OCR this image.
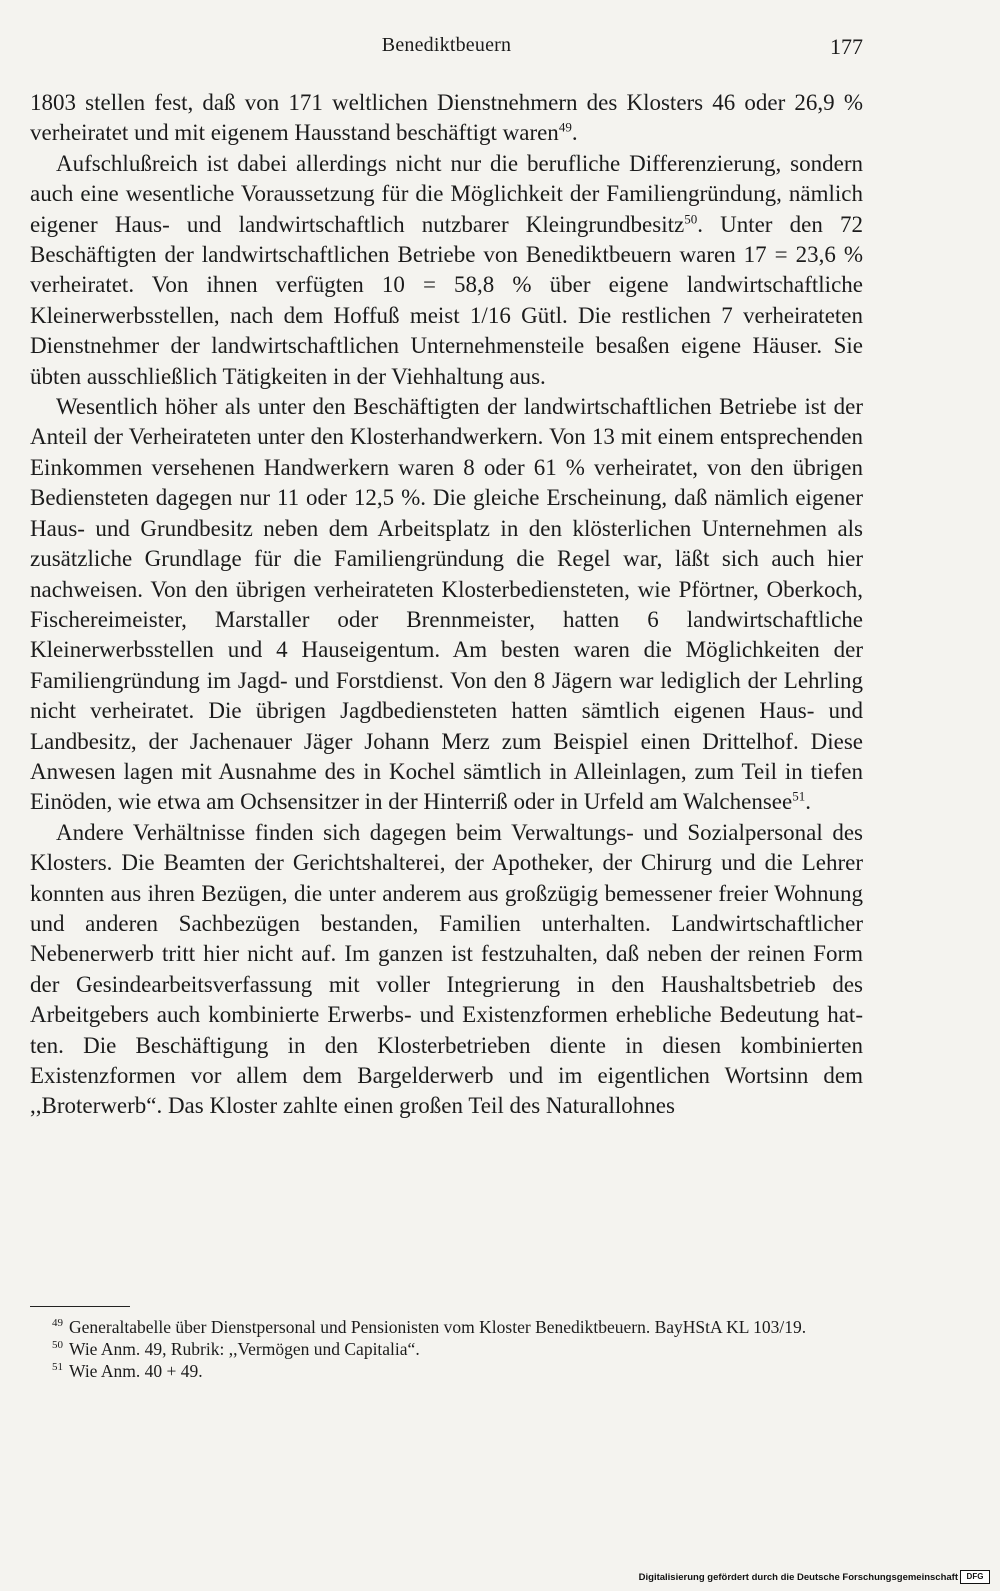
Benediktbeuern	177

1803 stellen fest, daß von 171 weltlichen Dienstnehmern des Klosters 46 oder 26,9 % verheiratet und mit eigenem Hausstand beschäftigt waren$^{49}$.

Aufschlußreich ist dabei allerdings nicht nur die berufliche Differenzierung, sondern auch eine wesentliche Voraussetzung für die Möglichkeit der Familiengründung, nämlich eigener Haus- und landwirtschaftlich nutzbarer Kleingrundbesitz$^{50}$. Unter den 72 Beschäftigten der landwirtschaftlichen Betriebe von Benediktbeuern waren 17 = 23,6 % verheiratet. Von ihnen verfügten 10 = 58,8 % über eigene landwirtschaftliche Kleinerwerbsstellen, nach dem Hoffuß meist 1/16 Gütl. Die restlichen 7 verheirateten Dienstnehmer der landwirtschaftlichen Unternehmensteile besaßen eigene Häuser. Sie übten ausschließlich Tätigkeiten in der Viehhaltung aus.

Wesentlich höher als unter den Beschäftigten der landwirtschaftlichen Betriebe ist der Anteil der Verheirateten unter den Klosterhandwerkern. Von 13 mit einem entsprechenden Einkommen versehenen Handwerkern waren 8 oder 61 % verheiratet, von den übrigen Bediensteten dagegen nur 11 oder 12,5 %. Die gleiche Erscheinung, daß nämlich eigener Haus- und Grundbesitz neben dem Arbeitsplatz in den klösterlichen Unternehmen als zusätzliche Grundlage für die Familiengründung die Regel war, läßt sich auch hier nachweisen. Von den übrigen verheirateten Klosterbediensteten, wie Pförtner, Oberkoch, Fischereimeister, Marstaller oder Brennmeister, hatten 6 landwirtschaftliche Kleinerwerbsstellen und 4 Hauseigentum. Am besten waren die Möglichkeiten der Familiengründung im Jagd- und Forstdienst. Von den 8 Jägern war lediglich der Lehrling nicht verheiratet. Die übrigen Jagdbediensteten hatten sämtlich eigenen Haus- und Landbesitz, der Jachenauer Jäger Johann Merz zum Beispiel einen Drittelhof. Diese Anwesen lagen mit Ausnahme des in Kochel sämtlich in Alleinlagen, zum Teil in tiefen Einöden, wie etwa am Ochsensitzer in der Hinterriß oder in Urfeld am Walchensee$^{51}$.

Andere Verhältnisse finden sich dagegen beim Verwaltungs- und Sozialpersonal des Klosters. Die Beamten der Gerichtshalterei, der Apotheker, der Chirurg und die Lehrer konnten aus ihren Bezügen, die unter anderem aus großzügig bemessener freier Wohnung und anderen Sachbezügen bestanden, Familien unterhalten. Landwirtschaftlicher Nebenerwerb tritt hier nicht auf. Im ganzen ist festzuhalten, daß neben der reinen Form der Gesindearbeitsverfassung mit voller Integrierung in den Haushaltsbetrieb des Arbeitgebers auch kombinierte Erwerbs- und Existenzformen erhebliche Bedeutung hatten. Die Beschäftigung in den Klosterbetrieben diente in diesen kombinierten Existenzformen vor allem dem Bargelderwerb und im eigentlichen Wortsinn dem ,,Broterwerb“. Das Kloster zahlte einen großen Teil des Naturallohnes

$^{49}$ Generaltabelle über Dienstpersonal und Pensionisten vom Kloster Benediktbeuern. BayHStA KL 103/19.

$^{50}$ Wie Anm. 49, Rubrik: ,,Vermögen und Capitalia“.

$^{51}$ Wie Anm. 40 + 49.

Digitalisierung gefördert durch die Deutsche Forschungsgemeinschaft	DFG
